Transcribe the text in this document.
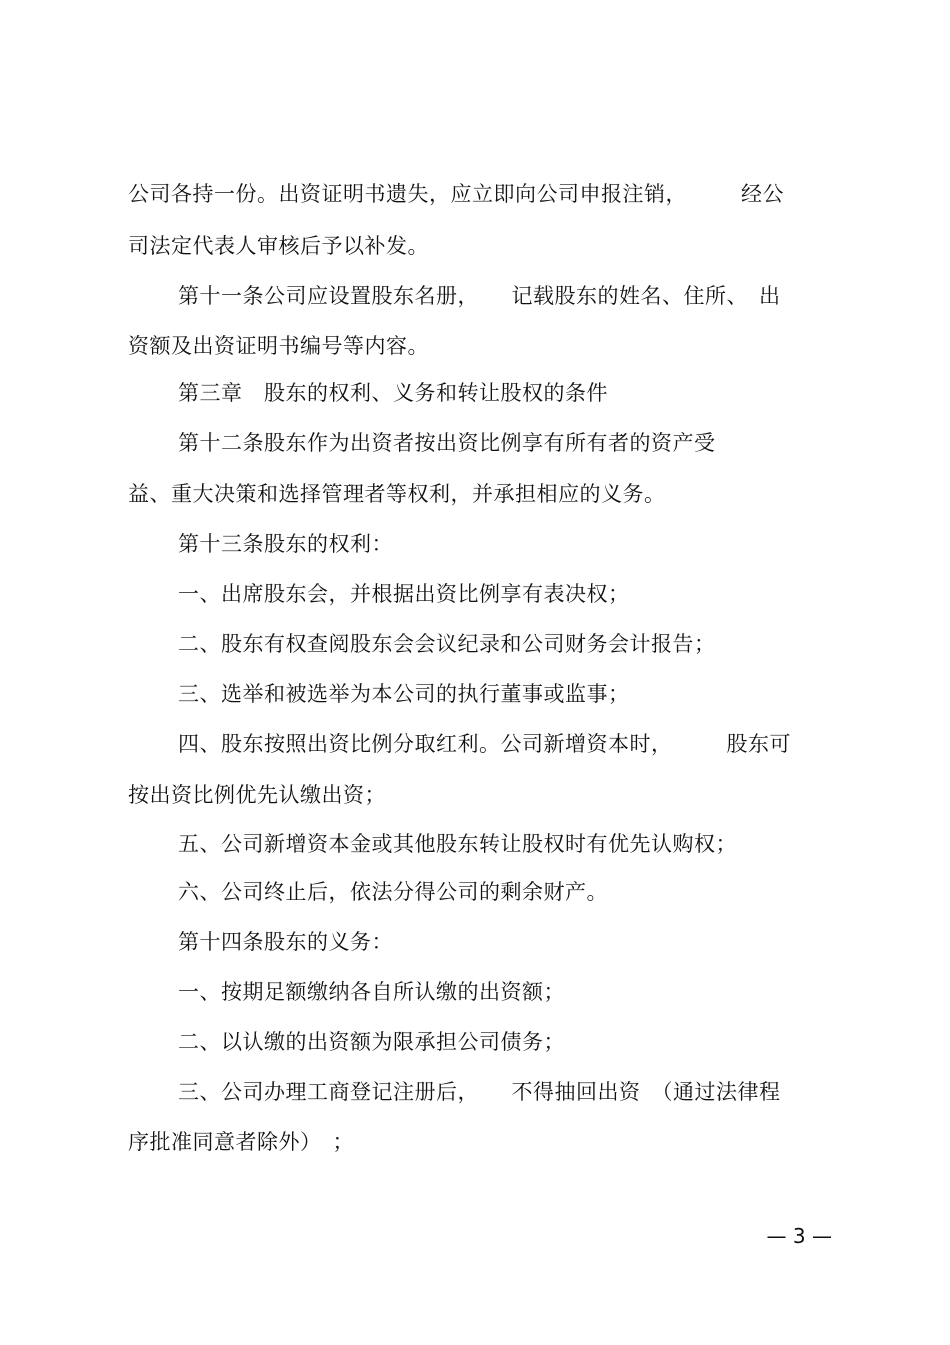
公司各持一份。出资证明书遗失，应立即向公司申报注销，　　　经公
司法定代表人审核后予以补发。
第十一条公司应设置股东名册，　　记载股东的姓名、住所、　出
资额及出资证明书编号等内容。
第三章　股东的权利、义务和转让股权的条件
第十二条股东作为出资者按出资比例享有所有者的资产受
益、重大决策和选择管理者等权利，并承担相应的义务。
第十三条股东的权利：
一、出席股东会，并根据出资比例享有表决权；
二、股东有权查阅股东会会议纪录和公司财务会计报告；
三、选举和被选举为本公司的执行董事或监事；
四、股东按照出资比例分取红利。公司新增资本时，　　　股东可
按出资比例优先认缴出资；
五、公司新增资本金或其他股东转让股权时有优先认购权；
六、公司终止后，依法分得公司的剩余财产。
第十四条股东的义务：
一、按期足额缴纳各自所认缴的出资额；
二、以认缴的出资额为限承担公司债务；
三、公司办理工商登记注册后，　　不得抽回出资　（通过法律程
序批准同意者除外）　；
— 3 —
